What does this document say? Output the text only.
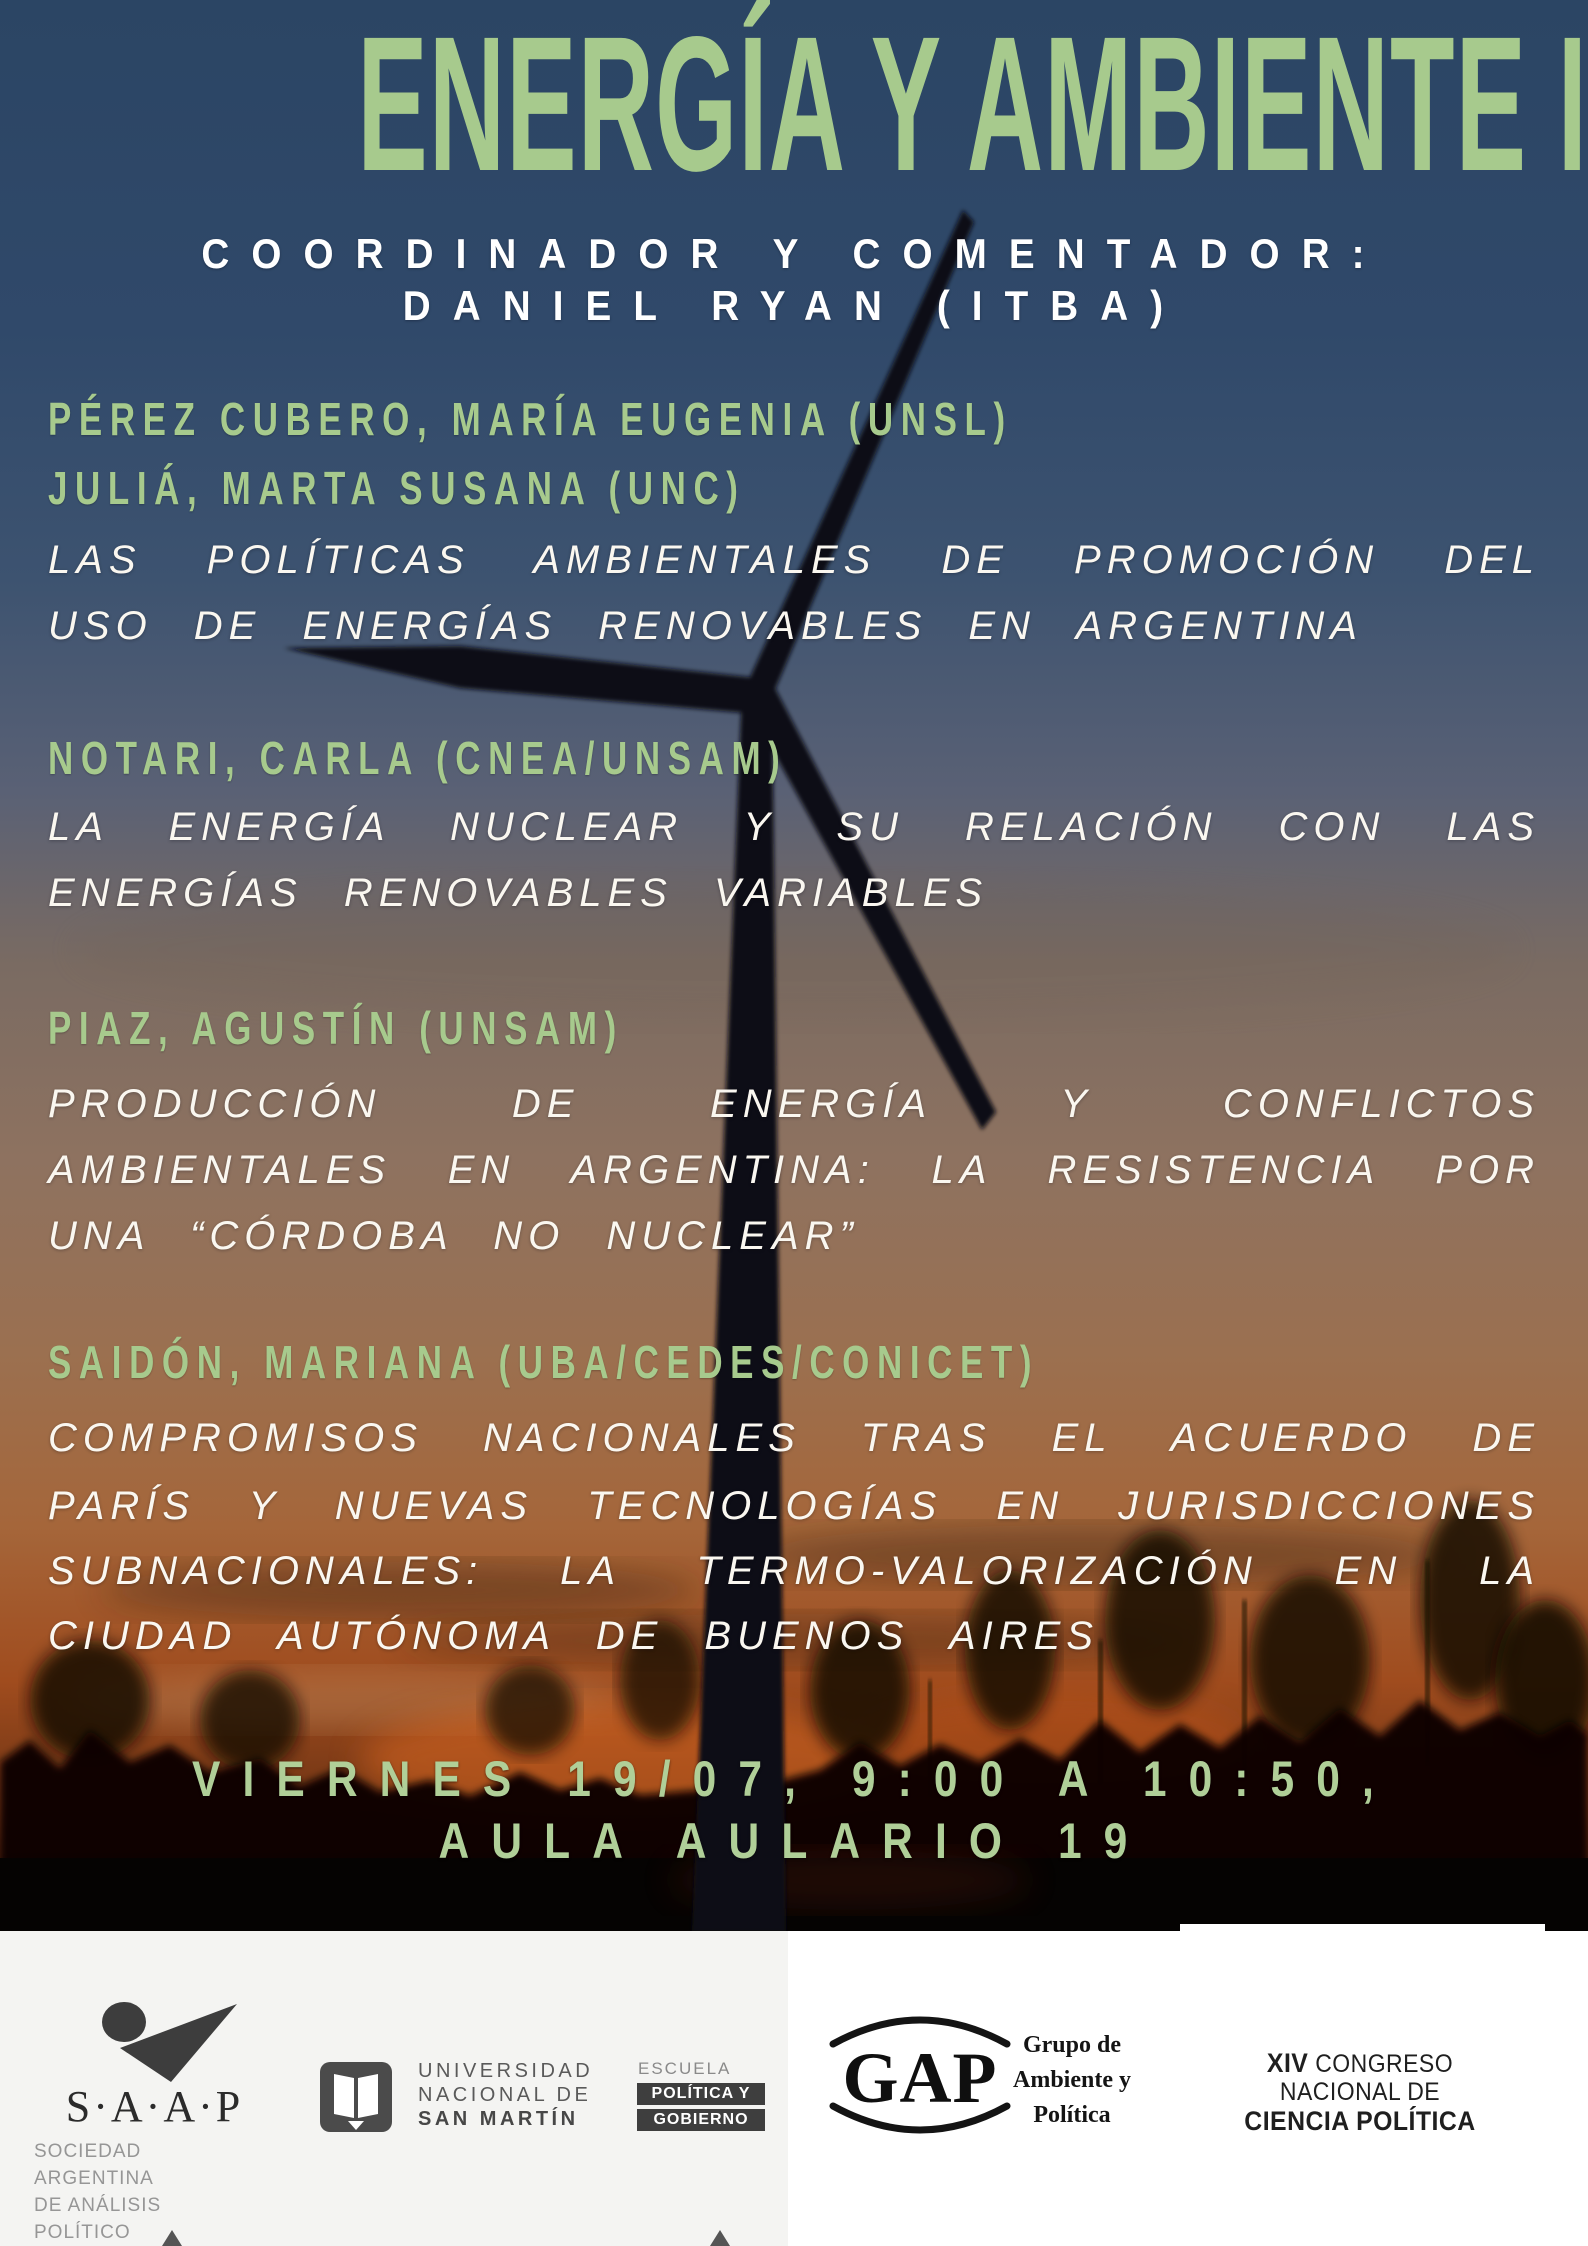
ENERGÍA Y AMBIENTE I
COORDINADOR Y COMENTADOR:
DANIEL RYAN (ITBA)
PÉREZ CUBERO, MARÍA EUGENIA (UNSL)
JULIÁ, MARTA SUSANA (UNC)
LAS POLÍTICAS AMBIENTALES DE PROMOCIÓN DEL
USO DE ENERGÍAS RENOVABLES EN ARGENTINA
NOTARI, CARLA (CNEA/UNSAM)
LA ENERGÍA NUCLEAR Y SU RELACIÓN CON LAS
ENERGÍAS RENOVABLES VARIABLES
PIAZ, AGUSTÍN (UNSAM)
PRODUCCIÓN DE ENERGÍA Y CONFLICTOS
AMBIENTALES EN ARGENTINA: LA RESISTENCIA POR
UNA “CÓRDOBA NO NUCLEAR”
SAIDÓN, MARIANA (UBA/CEDES/CONICET)
COMPROMISOS NACIONALES TRAS EL ACUERDO DE
PARÍS Y NUEVAS TECNOLOGÍAS EN JURISDICCIONES
SUBNACIONALES: LA TERMO-VALORIZACIÓN EN LA
CIUDAD AUTÓNOMA DE BUENOS AIRES
VIERNES 19/07, 9:00 A 10:50,
AULA AULARIO 19
S·A·A·P
SOCIEDAD ARGENTINA
DE ANÁLISIS POLÍTICO
UNIVERSIDAD
NACIONAL DE
SAN MARTÍN
ESCUELA
POLÍTICA Y
GOBIERNO
GAP	Grupo de
Ambiente y
Política
XIV CONGRESO NACIONAL DE
CIENCIA POLÍTICA
